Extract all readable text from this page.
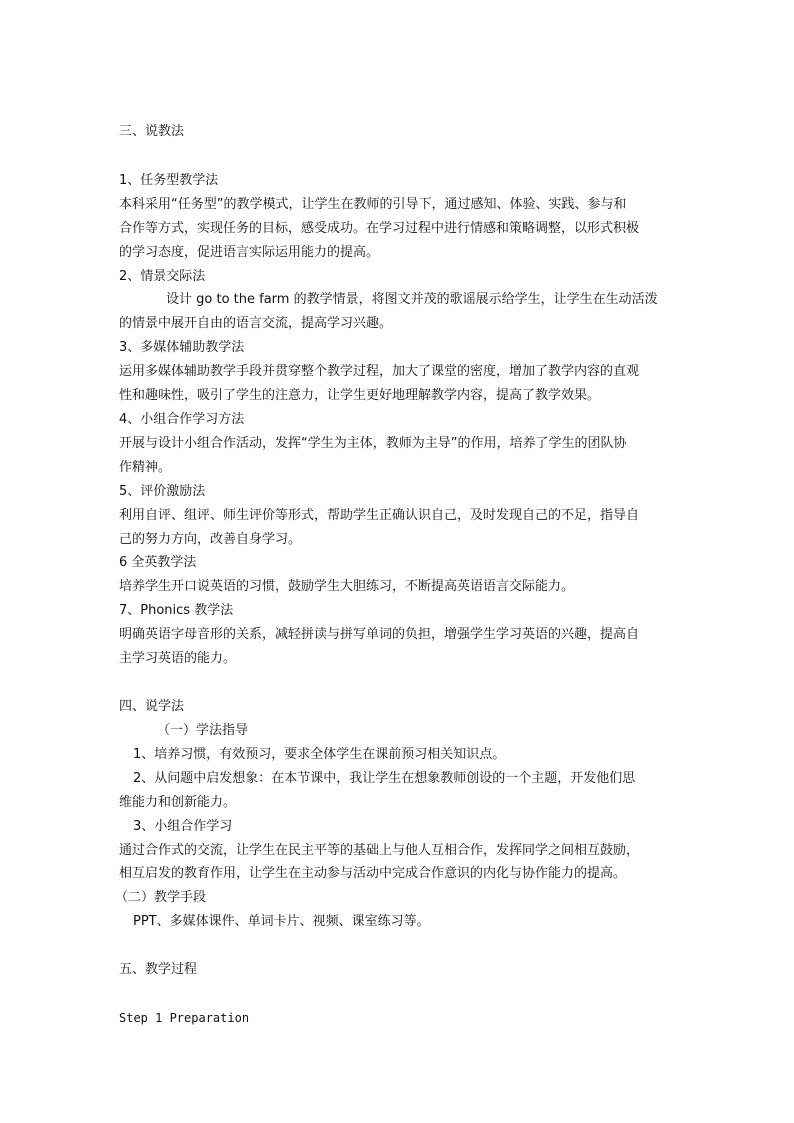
三、说教法
1、任务型教学法
本科采用“任务型”的教学模式，让学生在教师的引导下，通过感知、体验、实践、参与和
合作等方式，实现任务的目标，感受成功。在学习过程中进行情感和策略调整，以形式积极
的学习态度，促进语言实际运用能力的提高。
2、情景交际法
设计 go to the farm 的教学情景，将图文并茂的歌谣展示给学生，让学生在生动活泼
的情景中展开自由的语言交流，提高学习兴趣。
3、多媒体辅助教学法
运用多媒体辅助教学手段并贯穿整个教学过程，加大了课堂的密度，增加了教学内容的直观
性和趣味性，吸引了学生的注意力，让学生更好地理解教学内容，提高了教学效果。
4、小组合作学习方法
开展与设计小组合作活动，发挥“学生为主体，教师为主导”的作用，培养了学生的团队协
作精神。
5、评价激励法
利用自评、组评、师生评价等形式，帮助学生正确认识自己，及时发现自己的不足，指导自
己的努力方向，改善自身学习。
6 全英教学法
培养学生开口说英语的习惯，鼓励学生大胆练习，不断提高英语语言交际能力。
7、Phonics 教学法
明确英语字母音形的关系，减轻拼读与拼写单词的负担，增强学生学习英语的兴趣，提高自
主学习英语的能力。
四、说学法
（一）学法指导
1、培养习惯，有效预习，要求全体学生在课前预习相关知识点。
2、从问题中启发想象：在本节课中，我让学生在想象教师创设的一个主题，开发他们思
维能力和创新能力。
3、小组合作学习
通过合作式的交流，让学生在民主平等的基础上与他人互相合作，发挥同学之间相互鼓励，
相互启发的教育作用，让学生在主动参与活动中完成合作意识的内化与协作能力的提高。
（二）教学手段
PPT、多媒体课件、单词卡片、视频、课室练习等。
五、教学过程
Step 1 Preparation
